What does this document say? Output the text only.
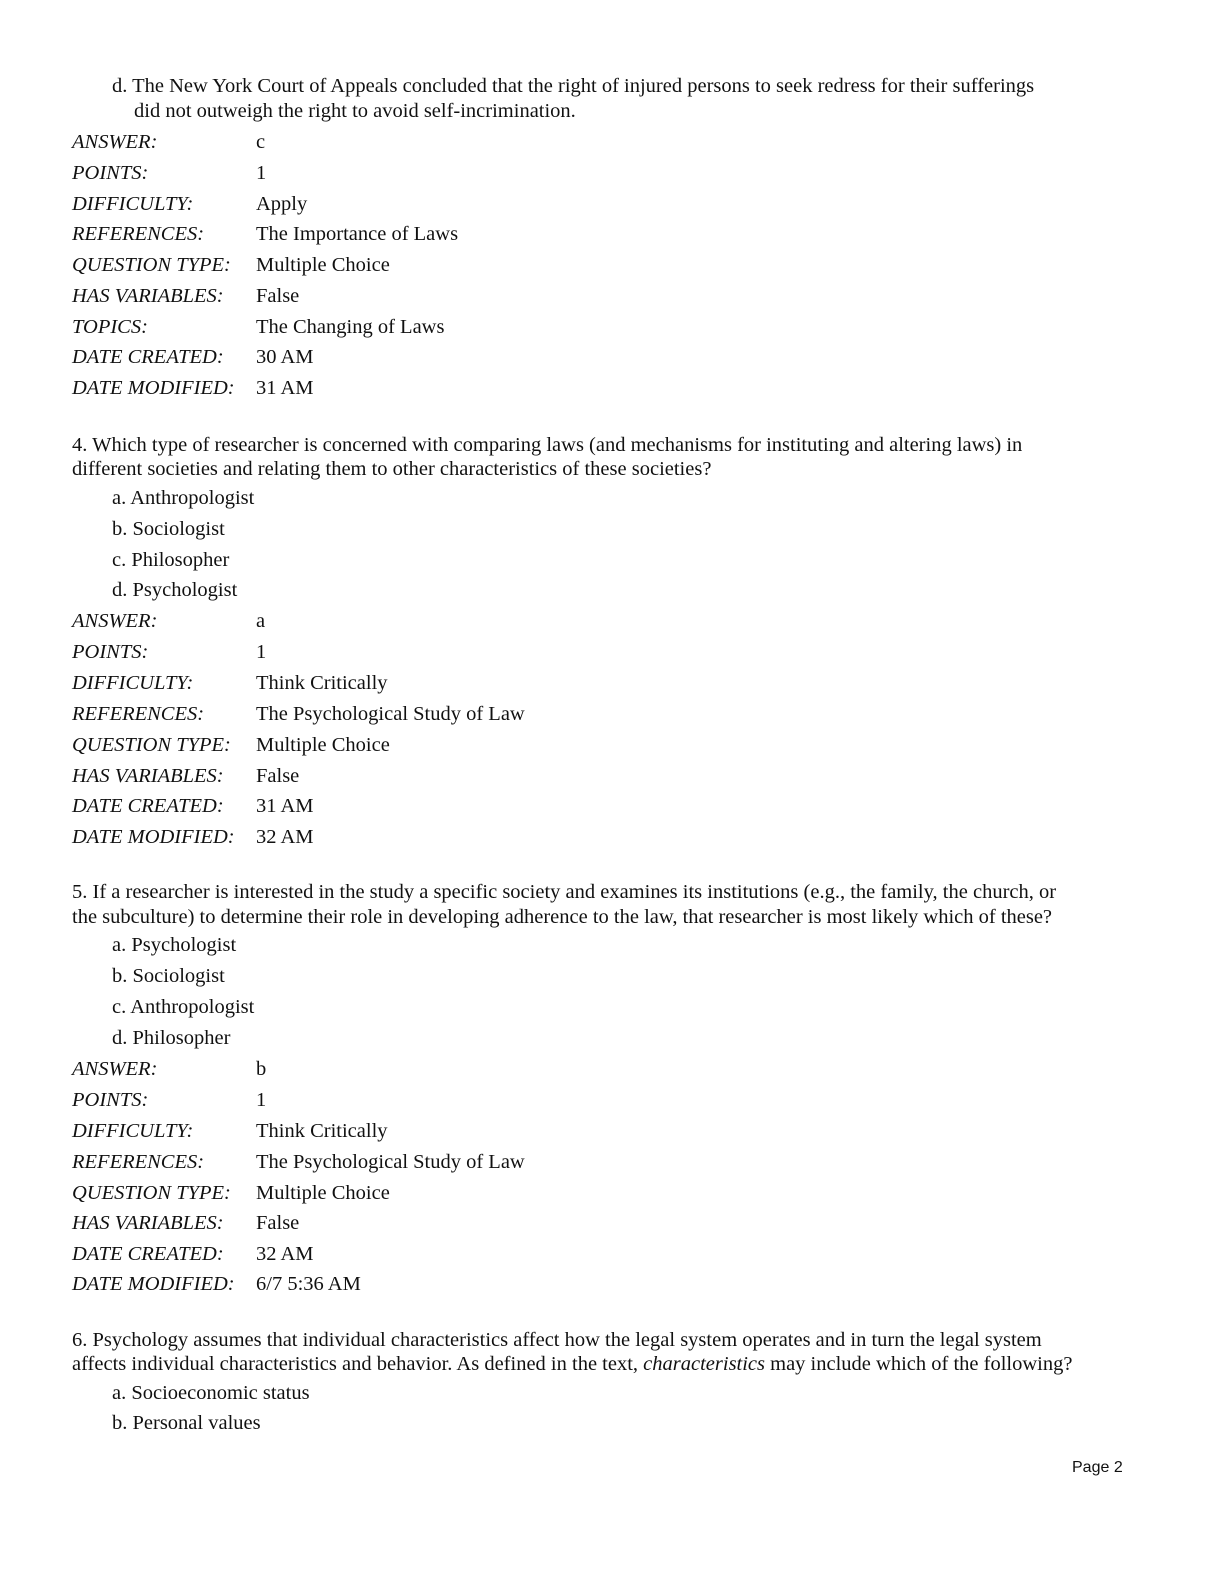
d. The New York Court of Appeals concluded that the right of injured persons to seek redress for their sufferings
did not outweigh the right to avoid self-incrimination.
ANSWER:	c
POINTS:	1
DIFFICULTY:	Apply
REFERENCES:	The Importance of Laws
QUESTION TYPE: Multiple Choice
HAS VARIABLES: False
TOPICS:	The Changing of Laws
DATE CREATED: 30 AM
DATE MODIFIED: 31 AM
4. Which type of researcher is concerned with comparing laws (and mechanisms for instituting and altering laws) in
different societies and relating them to other characteristics of these societies?
a. Anthropologist
b. Sociologist
c. Philosopher
d. Psychologist
ANSWER:	a
POINTS:	1
DIFFICULTY:	Think Critically
REFERENCES:	The Psychological Study of Law
QUESTION TYPE: Multiple Choice
HAS VARIABLES: False
DATE CREATED: 31 AM
DATE MODIFIED: 32 AM
5. If a researcher is interested in the study a specific society and examines its institutions (e.g., the family, the church, or
the subculture) to determine their role in developing adherence to the law, that researcher is most likely which of these?
a. Psychologist
b. Sociologist
c. Anthropologist
d. Philosopher
ANSWER:	b
POINTS:	1
DIFFICULTY:	Think Critically
REFERENCES:	The Psychological Study of Law
QUESTION TYPE: Multiple Choice
HAS VARIABLES: False
DATE CREATED: 32 AM
DATE MODIFIED: 6/7 5:36 AM
6. Psychology assumes that individual characteristics affect how the legal system operates and in turn the legal system
affects individual characteristics and behavior. As defined in the text, characteristics may include which of the following?
a. Socioeconomic status
b. Personal values
Page 2
